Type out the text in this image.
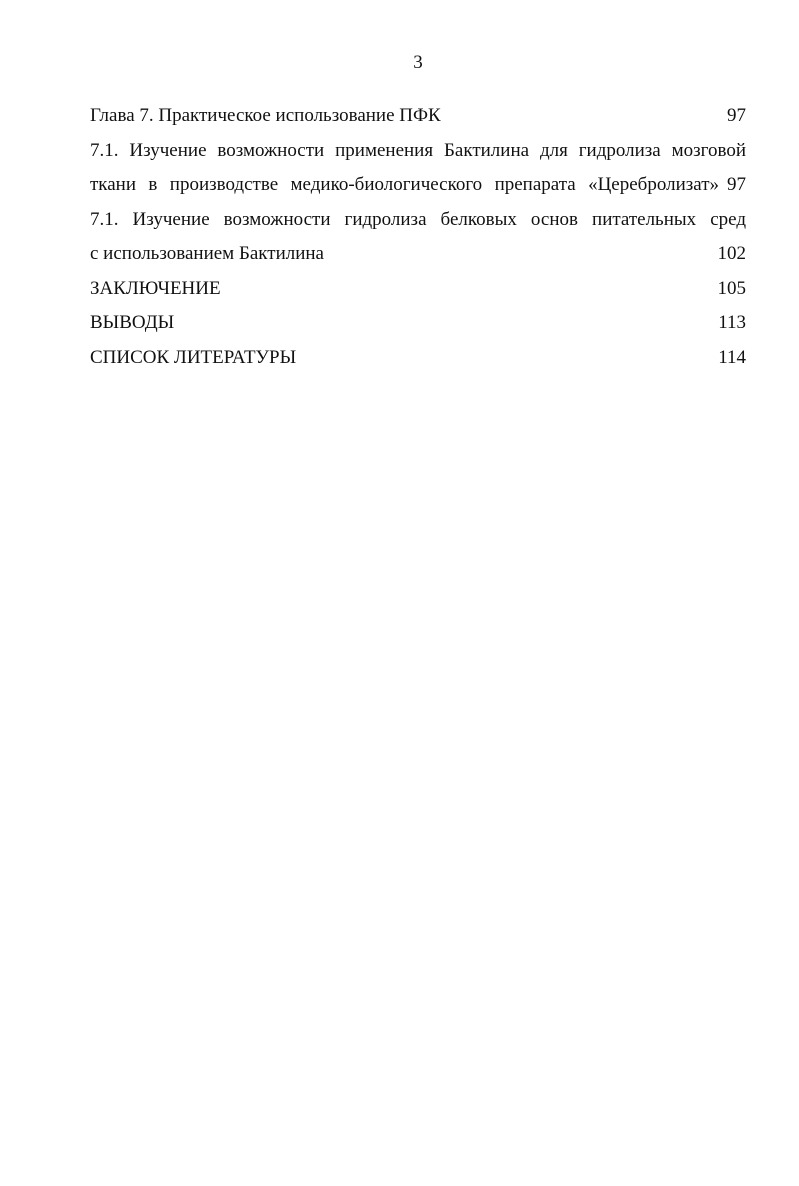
3
Глава 7. Практическое использование ПФК	97
7.1. Изучение возможности применения Бактилина для гидролиза мозговой
ткани в производстве медико-биологического препарата «Церебролизат» 97
7.1. Изучение возможности гидролиза белковых основ питательных сред
с использованием Бактилина	102
ЗАКЛЮЧЕНИЕ	105
ВЫВОДЫ	113
СПИСОК ЛИТЕРАТУРЫ	114
